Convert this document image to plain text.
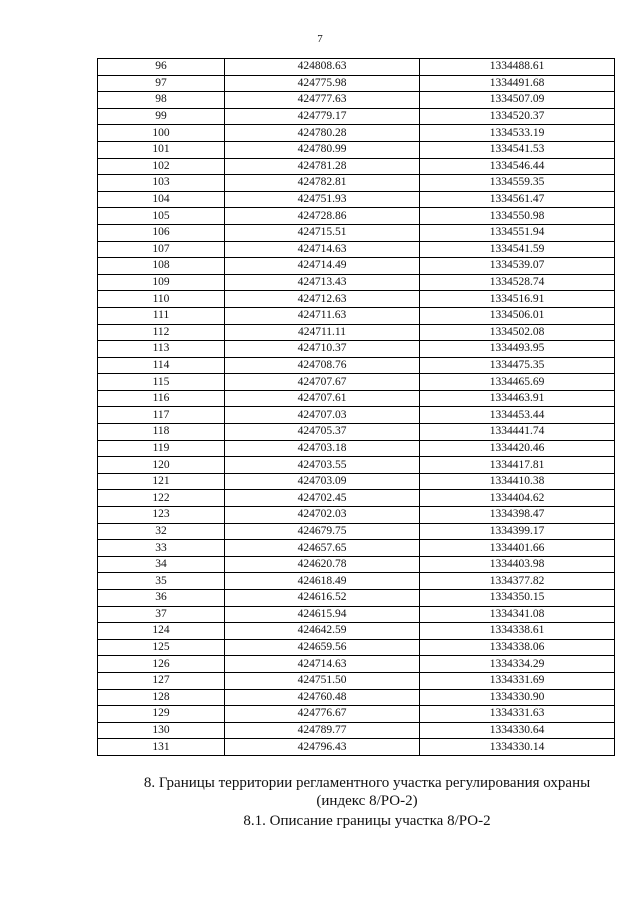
7
96	424808.63	1334488.61
97	424775.98	1334491.68
98	424777.63	1334507.09
99	424779.17	1334520.37
100	424780.28	1334533.19
101	424780.99	1334541.53
102	424781.28	1334546.44
103	424782.81	1334559.35
104	424751.93	1334561.47
105	424728.86	1334550.98
106	424715.51	1334551.94
107	424714.63	1334541.59
108	424714.49	1334539.07
109	424713.43	1334528.74
110	424712.63	1334516.91
111	424711.63	1334506.01
112	424711.11	1334502.08
113	424710.37	1334493.95
114	424708.76	1334475.35
115	424707.67	1334465.69
116	424707.61	1334463.91
117	424707.03	1334453.44
118	424705.37	1334441.74
119	424703.18	1334420.46
120	424703.55	1334417.81
121	424703.09	1334410.38
122	424702.45	1334404.62
123	424702.03	1334398.47
32	424679.75	1334399.17
33	424657.65	1334401.66
34	424620.78	1334403.98
35	424618.49	1334377.82
36	424616.52	1334350.15
37	424615.94	1334341.08
124	424642.59	1334338.61
125	424659.56	1334338.06
126	424714.63	1334334.29
127	424751.50	1334331.69
128	424760.48	1334330.90
129	424776.67	1334331.63
130	424789.77	1334330.64
131	424796.43	1334330.14
8. Границы территории регламентного участка регулирования охраны
(индекс 8/РО-2)
8.1. Описание границы участка 8/РО-2
